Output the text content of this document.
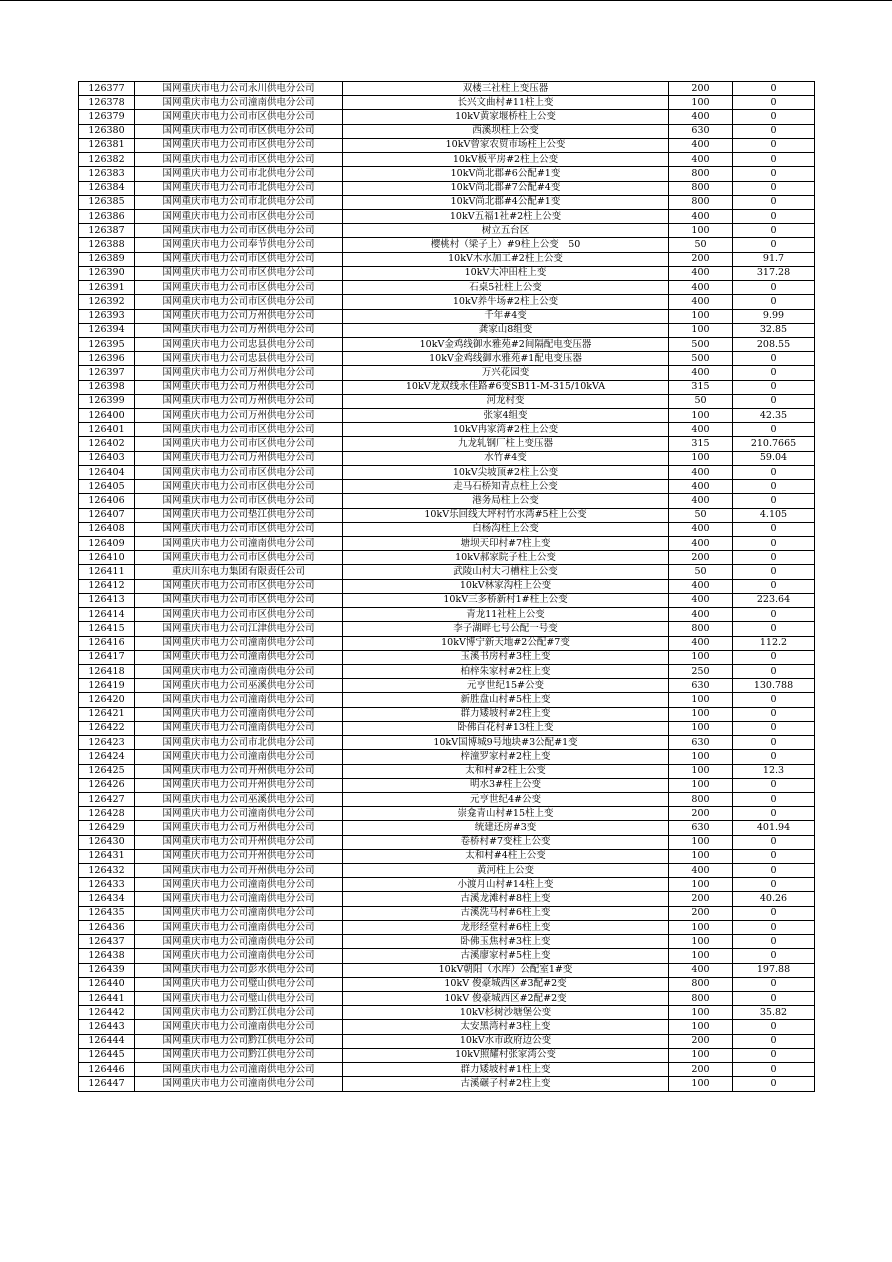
126377	国网重庆市电力公司永川供电分公司	双楼三社柱上变压器	200	0
126378	国网重庆市电力公司潼南供电分公司	长兴文曲村#11柱上变	100	0
126379	国网重庆市电力公司市区供电分公司	10kV黄家堰桥柱上公变	400	0
126380	国网重庆市电力公司市区供电分公司	西溪坝柱上公变	630	0
126381	国网重庆市电力公司市区供电分公司	10kV曾家农贸市场柱上公变	400	0
126382	国网重庆市电力公司市区供电分公司	10kV板平房#2柱上公变	400	0
126383	国网重庆市电力公司市北供电分公司	10kV尚北郡#6公配#1变	800	0
126384	国网重庆市电力公司市北供电分公司	10kV尚北郡#7公配#4变	800	0
126385	国网重庆市电力公司市北供电分公司	10kV尚北郡#4公配#1变	800	0
126386	国网重庆市电力公司市区供电分公司	10kV五福1社#2柱上公变	400	0
126387	国网重庆市电力公司市区供电分公司	树立五台区	100	0
126388	国网重庆市电力公司奉节供电分公司	樱桃村（梁子上）#9柱上公变　50	50	0
126389	国网重庆市电力公司市区供电分公司	10kV木水加工#2柱上公变	200	91.7
126390	国网重庆市电力公司市区供电分公司	10kV大冲田柱上变	400	317.28
126391	国网重庆市电力公司市区供电分公司	石桌5社柱上公变	400	0
126392	国网重庆市电力公司市区供电分公司	10kV养牛场#2柱上公变	400	0
126393	国网重庆市电力公司万州供电分公司	千年#4变	100	9.99
126394	国网重庆市电力公司万州供电分公司	龚家山8组变	100	32.85
126395	国网重庆市电力公司忠县供电分公司	10kV金鸡线御水雅苑#2间隔配电变压器	500	208.55
126396	国网重庆市电力公司忠县供电分公司	10kV金鸡线御水雅苑#1配电变压器	500	0
126397	国网重庆市电力公司万州供电分公司	万兴花园变	400	0
126398	国网重庆市电力公司万州供电分公司	10kV龙双线永佳路#6变SB11-M-315/10kVA	315	0
126399	国网重庆市电力公司万州供电分公司	河龙村变	50	0
126400	国网重庆市电力公司万州供电分公司	张家4组变	100	42.35
126401	国网重庆市电力公司市区供电分公司	10kV冉家湾#2柱上公变	400	0
126402	国网重庆市电力公司市区供电分公司	九龙轧钢厂柱上变压器	315	210.7665
126403	国网重庆市电力公司万州供电分公司	水竹#4变	100	59.04
126404	国网重庆市电力公司市区供电分公司	10kV尖坡顶#2柱上公变	400	0
126405	国网重庆市电力公司市区供电分公司	走马石桥知青点柱上公变	400	0
126406	国网重庆市电力公司市区供电分公司	港务局柱上公变	400	0
126407	国网重庆市电力公司垫江供电分公司	10kV乐回线大坪村竹水湾#5柱上公变	50	4.105
126408	国网重庆市电力公司市区供电分公司	白杨沟柱上公变	400	0
126409	国网重庆市电力公司潼南供电分公司	塘坝天印村#7柱上变	400	0
126410	国网重庆市电力公司市区供电分公司	10kV郝家院子柱上公变	200	0
126411	重庆川东电力集团有限责任公司	武陵山村大刁槽柱上公变	50	0
126412	国网重庆市电力公司市区供电分公司	10kV林家沟柱上公变	400	0
126413	国网重庆市电力公司市区供电分公司	10kV三多桥新村1#柱上公变	400	223.64
126414	国网重庆市电力公司市区供电分公司	青龙11社柱上公变	400	0
126415	国网重庆市电力公司江津供电分公司	李子湖畔七号公配一号变	800	0
126416	国网重庆市电力公司潼南供电分公司	10kV博宁新天地#2公配#7变	400	112.2
126417	国网重庆市电力公司潼南供电分公司	玉溪书房村#3柱上变	100	0
126418	国网重庆市电力公司潼南供电分公司	柏梓朱家村#2柱上变	250	0
126419	国网重庆市电力公司巫溪供电分公司	元亨世纪15#公变	630	130.788
126420	国网重庆市电力公司潼南供电分公司	新胜盘山村#5柱上变	100	0
126421	国网重庆市电力公司潼南供电分公司	群力矮坡村#2柱上变	100	0
126422	国网重庆市电力公司潼南供电分公司	卧佛百花村#13柱上变	100	0
126423	国网重庆市电力公司市北供电分公司	10kV国博城9号地块#3公配#1变	630	0
126424	国网重庆市电力公司潼南供电分公司	梓潼罗家村#2柱上变	100	0
126425	国网重庆市电力公司开州供电分公司	太和村#2柱上公变	100	12.3
126426	国网重庆市电力公司开州供电分公司	明水3#柱上公变	100	0
126427	国网重庆市电力公司巫溪供电分公司	元亨世纪4#公变	800	0
126428	国网重庆市电力公司潼南供电分公司	崇龛青山村#15柱上变	200	0
126429	国网重庆市电力公司万州供电分公司	统建还房#3变	630	401.94
126430	国网重庆市电力公司开州供电分公司	卷桥村#7变柱上公变	100	0
126431	国网重庆市电力公司开州供电分公司	太和村#4柱上公变	100	0
126432	国网重庆市电力公司开州供电分公司	黄河柱上公变	400	0
126433	国网重庆市电力公司潼南供电分公司	小渡月山村#14柱上变	100	0
126434	国网重庆市电力公司潼南供电分公司	古溪龙滩村#8柱上变	200	40.26
126435	国网重庆市电力公司潼南供电分公司	古溪洗马村#6柱上变	200	0
126436	国网重庆市电力公司潼南供电分公司	龙形经堂村#6柱上变	100	0
126437	国网重庆市电力公司潼南供电分公司	卧佛玉焦村#3柱上变	100	0
126438	国网重庆市电力公司潼南供电分公司	古溪廖家村#5柱上变	100	0
126439	国网重庆市电力公司彭水供电分公司	10kV朝阳（水库）公配室1#变	400	197.88
126440	国网重庆市电力公司璧山供电分公司	10kV 俊豪城西区#3配#2变	800	0
126441	国网重庆市电力公司璧山供电分公司	10kV 俊豪城西区#2配#2变	800	0
126442	国网重庆市电力公司黔江供电分公司	10kV杉树沙塘堡公变	100	35.82
126443	国网重庆市电力公司潼南供电分公司	太安黑湾村#3柱上变	100	0
126444	国网重庆市电力公司黔江供电分公司	10kV水市政府边公变	200	0
126445	国网重庆市电力公司黔江供电分公司	10kV照耀村张家湾公变	100	0
126446	国网重庆市电力公司潼南供电分公司	群力矮坡村#1柱上变	200	0
126447	国网重庆市电力公司潼南供电分公司	古溪碾子村#2柱上变	100	0
